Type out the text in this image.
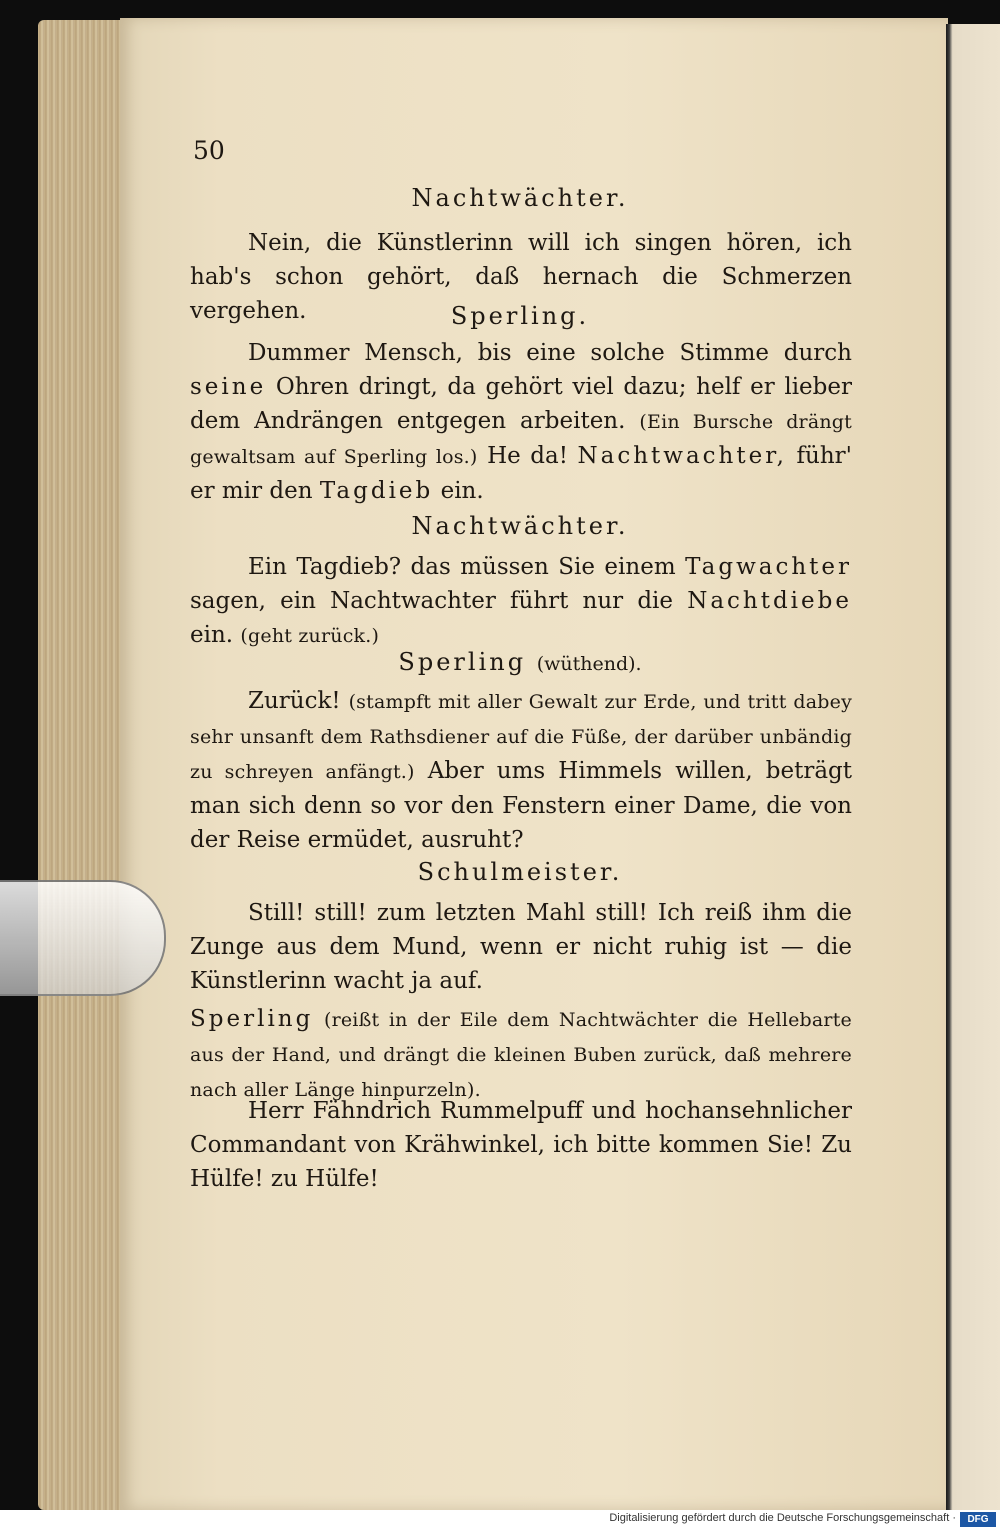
50
Nachtwächter.
Nein, die Künstlerinn will ich singen hören, ich hab's schon gehört, daß hernach die Schmerzen vergehen.	Sperling.
Dummer Mensch, bis eine solche Stimme durch seine Ohren dringt, da gehört viel dazu; helf er lieber dem Andrängen entgegen arbeiten. (Ein Bursche drängt gewaltsam auf Sperling los.) He da! Nachtwachter, führ' er mir den Tagdieb ein.
Nachtwächter.
Ein Tagdieb? das müssen Sie einem Tagwachter sagen, ein Nachtwachter führt nur die Nachtdiebe ein. (geht zurück.)
Sperling (wüthend).
Zurück! (stampft mit aller Gewalt zur Erde, und tritt dabey sehr unsanft dem Rathsdiener auf die Füße, der darüber unbändig zu schreyen anfängt.) Aber ums Himmels willen, beträgt man sich denn so vor den Fenstern einer Dame, die von der Reise ermüdet, ausruht?
Schulmeister.
Still! still! zum letzten Mahl still! Ich reiß ihm die Zunge aus dem Mund, wenn er nicht ruhig ist — die Künstlerinn wacht ja auf.
Sperling (reißt in der Eile dem Nachtwächter die Hellebarte aus der Hand, und drängt die kleinen Buben zurück, daß mehrere nach aller Länge hinpurzeln).
Herr Fähndrich Rummelpuff und hochansehnlicher Commandant von Krähwinkel, ich bitte kommen Sie! Zu Hülfe! zu Hülfe!
Digitalisierung gefördert durch die Deutsche Forschungsgemeinschaft ·	DFG
